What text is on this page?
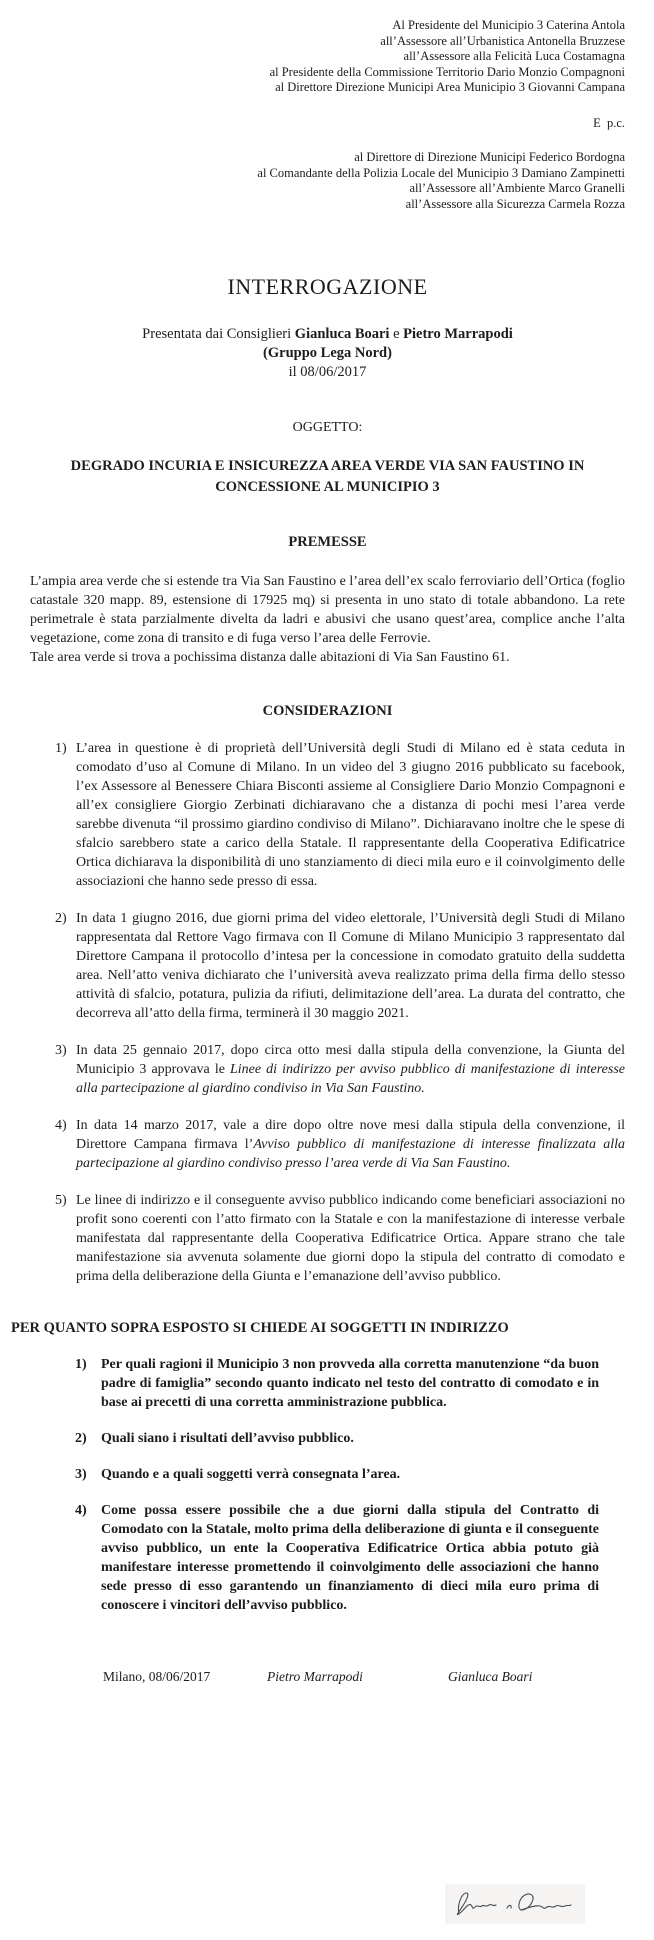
Al Presidente del Municipio 3 Caterina Antola
all’Assessore all’Urbanistica Antonella Bruzzese
all’Assessore alla Felicità Luca Costamagna
al Presidente della Commissione Territorio Dario Monzio Compagnoni
al Direttore Direzione Municipi Area Municipio 3 Giovanni Campana
E  p.c.
al Direttore di Direzione Municipi Federico Bordogna
al Comandante della Polizia Locale del Municipio 3 Damiano Zampinetti
all’Assessore all’Ambiente Marco Granelli
all’Assessore alla Sicurezza Carmela Rozza
INTERROGAZIONE
Presentata dai Consiglieri Gianluca Boari e Pietro Marrapodi
(Gruppo Lega Nord)
il 08/06/2017
OGGETTO:
DEGRADO INCURIA E INSICUREZZA AREA VERDE VIA SAN FAUSTINO IN CONCESSIONE AL MUNICIPIO 3
PREMESSE
L’ampia area verde che si estende tra Via San Faustino e l’area dell’ex scalo ferroviario dell’Ortica (foglio catastale 320 mapp. 89, estensione di 17925 mq) si presenta in uno stato di totale abbandono. La rete perimetrale è stata parzialmente divelta da ladri e abusivi che usano quest’area, complice anche l’alta vegetazione, come zona di transito e di fuga verso l’area delle Ferrovie.
Tale area verde si trova a pochissima distanza dalle abitazioni di Via San Faustino 61.
CONSIDERAZIONI
1) L’area in questione è di proprietà dell’Università degli Studi di Milano ed è stata ceduta in comodato d’uso al Comune di Milano. In un video del 3 giugno 2016 pubblicato su facebook, l’ex Assessore al Benessere Chiara Bisconti assieme al Consigliere Dario Monzio Compagnoni e all’ex consigliere Giorgio Zerbinati dichiaravano che a distanza di pochi mesi l’area verde sarebbe divenuta “il prossimo giardino condiviso di Milano”. Dichiaravano inoltre che le spese di sfalcio sarebbero state a carico della Statale. Il rappresentante della Cooperativa Edificatrice Ortica dichiarava la disponibilità di uno stanziamento di dieci mila euro e il coinvolgimento delle associazioni che hanno sede presso di essa.
2) In data 1 giugno 2016, due giorni prima del video elettorale, l’Università degli Studi di Milano rappresentata dal Rettore Vago firmava con Il Comune di Milano Municipio 3 rappresentato dal Direttore Campana il protocollo d’intesa per la concessione in comodato gratuito della suddetta area. Nell’atto veniva dichiarato che l’università aveva realizzato prima della firma dello stesso attività di sfalcio, potatura, pulizia da rifiuti, delimitazione dell’area. La durata del contratto, che decorreva all’atto della firma, terminerà il 30 maggio 2021.
3) In data 25 gennaio 2017, dopo circa otto mesi dalla stipula della convenzione, la Giunta del Municipio 3 approvava le Linee di indirizzo per avviso pubblico di manifestazione di interesse alla partecipazione al giardino condiviso in Via San Faustino.
4) In data 14 marzo 2017, vale a dire dopo oltre nove mesi dalla stipula della convenzione, il Direttore Campana firmava l’Avviso pubblico di manifestazione di interesse finalizzata alla partecipazione al giardino condiviso presso l’area verde di Via San Faustino.
5) Le linee di indirizzo e il conseguente avviso pubblico indicando come beneficiari associazioni no profit sono coerenti con l’atto firmato con la Statale e con la manifestazione di interesse verbale manifestata dal rappresentante della Cooperativa Edificatrice Ortica. Appare strano che tale manifestazione sia avvenuta solamente due giorni dopo la stipula del contratto di comodato e prima della deliberazione della Giunta e l’emanazione dell’avviso pubblico.
PER QUANTO SOPRA ESPOSTO SI CHIEDE AI SOGGETTI IN INDIRIZZO
1)	Per quali ragioni il Municipio 3 non provveda alla corretta manutenzione “da buon padre di famiglia” secondo quanto indicato nel testo del contratto di comodato e in base ai precetti di una corretta amministrazione pubblica.
2)	Quali siano i risultati dell’avviso pubblico.
3)	Quando e a quali soggetti verrà consegnata l’area.
4)	Come possa essere possibile che a due giorni dalla stipula del Contratto di Comodato con la Statale, molto prima della deliberazione di giunta e il conseguente avviso pubblico, un ente la Cooperativa Edificatrice Ortica abbia potuto già manifestare interesse promettendo il coinvolgimento delle associazioni che hanno sede presso di esso garantendo un finanziamento di dieci mila euro prima di conoscere i vincitori dell’avviso pubblico.
Milano, 08/06/2017	Pietro Marrapodi	Gianluca Boari
